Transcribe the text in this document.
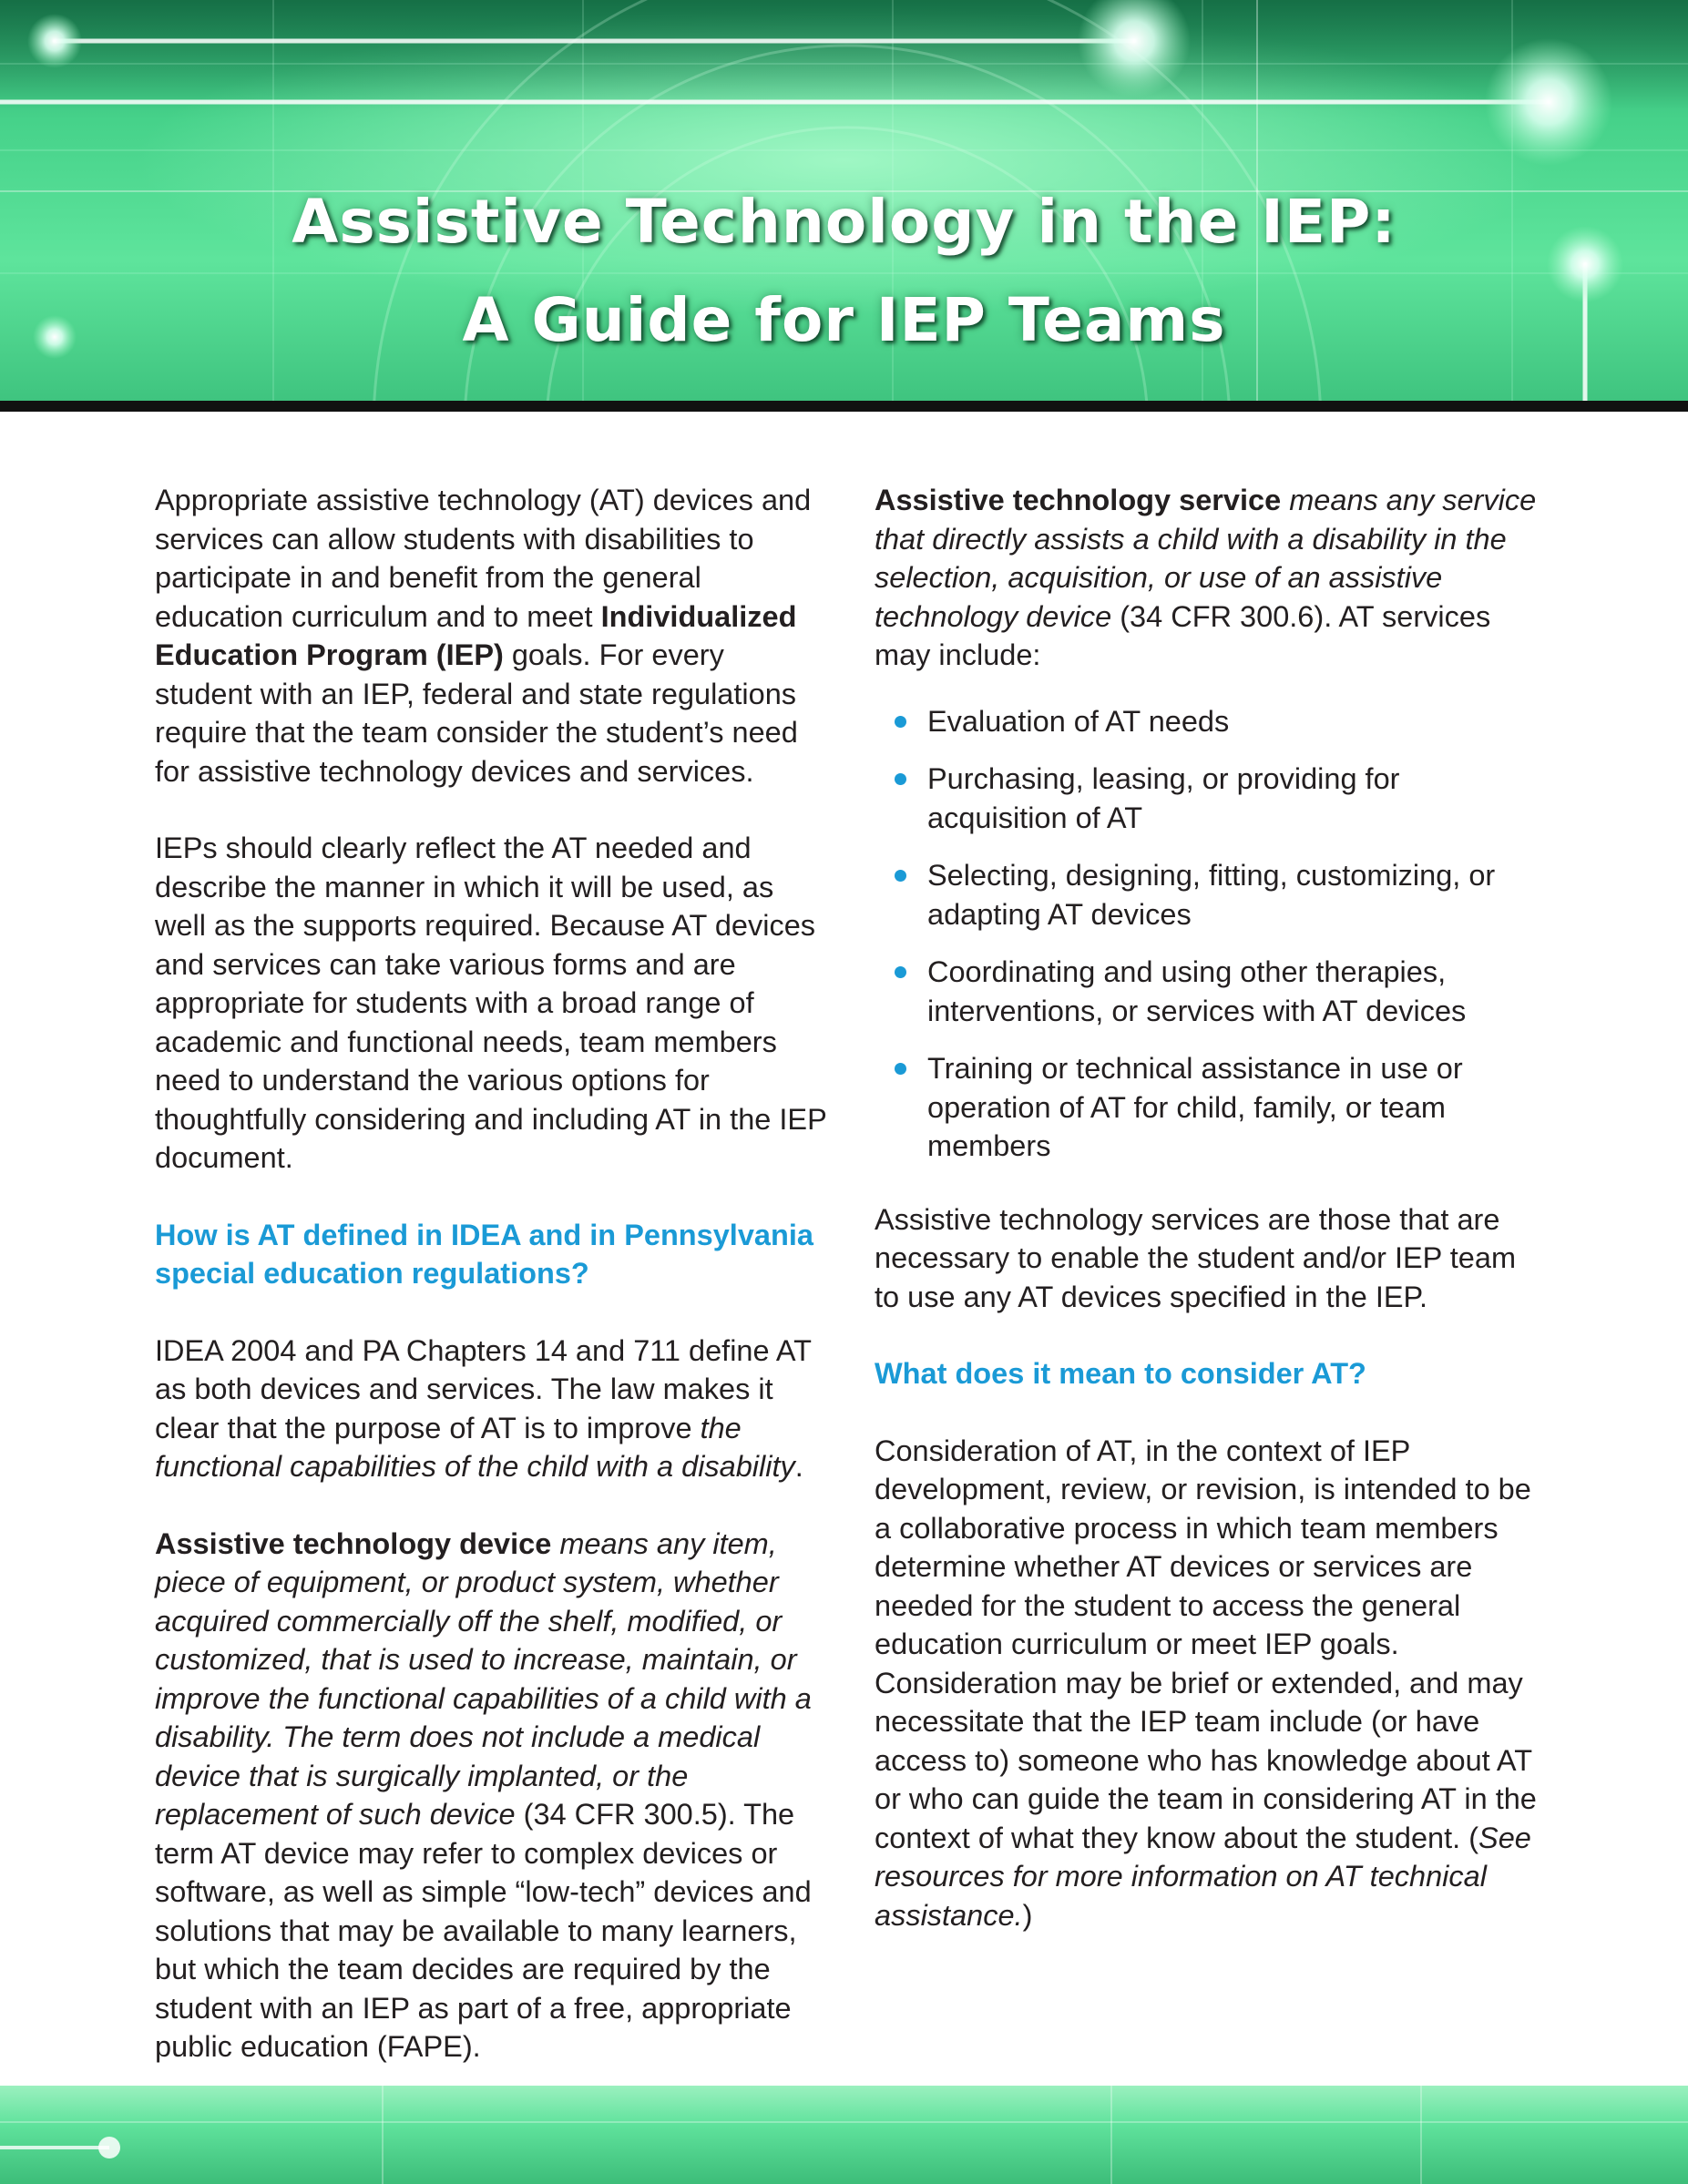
Assistive Technology in the IEP:
A Guide for IEP Teams

Appropriate assistive technology (AT) devices and services can allow students with disabilities to participate in and benefit from the general education curriculum and to meet Individualized Education Program (IEP) goals. For every student with an IEP, federal and state regulations require that the team consider the student’s need for assistive technology devices and services.

IEPs should clearly reflect the AT needed and describe the manner in which it will be used, as well as the supports required. Because AT devices and services can take various forms and are appropriate for students with a broad range of academic and functional needs, team members need to understand the various options for thoughtfully considering and including AT in the IEP document.

How is AT defined in IDEA and in Pennsylvania special education regulations?

IDEA 2004 and PA Chapters 14 and 711 define AT as both devices and services. The law makes it clear that the purpose of AT is to improve the functional capabilities of the child with a disability.

Assistive technology device means any item, piece of equipment, or product system, whether acquired commercially off the shelf, modified, or customized, that is used to increase, maintain, or improve the functional capabilities of a child with a disability. The term does not include a medical device that is surgically implanted, or the replacement of such device (34 CFR 300.5). The term AT device may refer to complex devices or software, as well as simple “low-tech” devices and solutions that may be available to many learners, but which the team decides are required by the student with an IEP as part of a free, appropriate public education (FAPE).

Assistive technology service means any service that directly assists a child with a disability in the selection, acquisition, or use of an assistive technology device (34 CFR 300.6). AT services may include:

Evaluation of AT needs
Purchasing, leasing, or providing for acquisition of AT
Selecting, designing, fitting, customizing, or adapting AT devices
Coordinating and using other therapies, interventions, or services with AT devices
Training or technical assistance in use or operation of AT for child, family, or team members

Assistive technology services are those that are necessary to enable the student and/or IEP team to use any AT devices specified in the IEP.

What does it mean to consider AT?

Consideration of AT, in the context of IEP development, review, or revision, is intended to be a collaborative process in which team members determine whether AT devices or services are needed for the student to access the general education curriculum or meet IEP goals. Consideration may be brief or extended, and may necessitate that the IEP team include (or have access to) someone who has knowledge about AT or who can guide the team in considering AT in the context of what they know about the student. (See resources for more information on AT technical assistance.)
